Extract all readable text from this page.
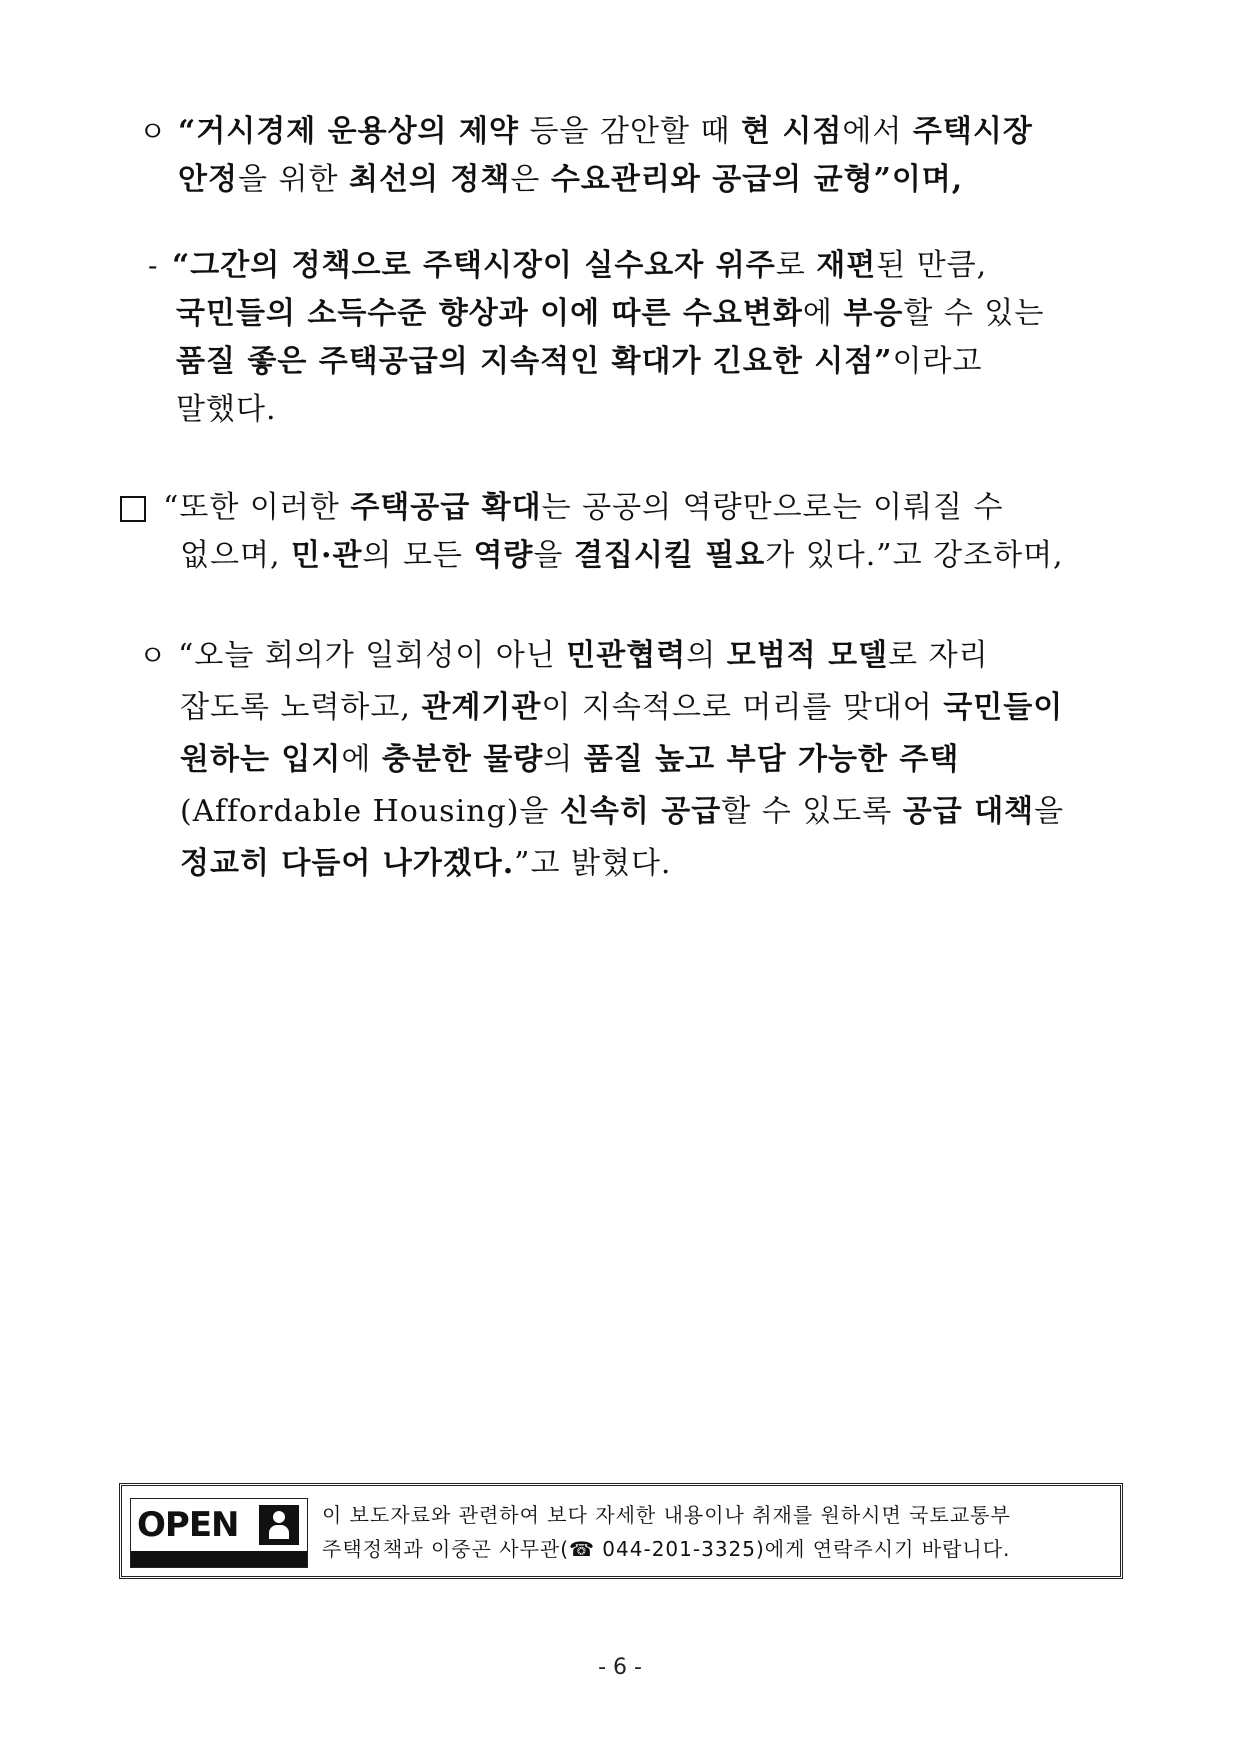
ㅇ “거시경제 운용상의 제약 등을 감안할 때 현 시점에서 주택시장
안정을 위한 최선의 정책은 수요관리와 공급의 균형”이며,
- “그간의 정책으로 주택시장이 실수요자 위주로 재편된 만큼,
국민들의 소득수준 향상과 이에 따른 수요변화에 부응할 수 있는
품질 좋은 주택공급의 지속적인 확대가 긴요한 시점”이라고
말했다.
“또한 이러한 주택공급 확대는 공공의 역량만으로는 이뤄질 수
없으며, 민·관의 모든 역량을 결집시킬 필요가 있다.”고 강조하며,
ㅇ “오늘 회의가 일회성이 아닌 민관협력의 모범적 모델로 자리
잡도록 노력하고, 관계기관이 지속적으로 머리를 맞대어 국민들이
원하는 입지에 충분한 물량의 품질 높고 부담 가능한 주택
(Affordable Housing)을 신속히 공급할 수 있도록 공급 대책을
정교히 다듬어 나가겠다.”고 밝혔다.
OPEN	이 보도자료와 관련하여 보다 자세한 내용이나 취재를 원하시면 국토교통부
주택정책과 이중곤 사무관(☎ 044-201-3325)에게 연락주시기 바랍니다.
- 6 -
